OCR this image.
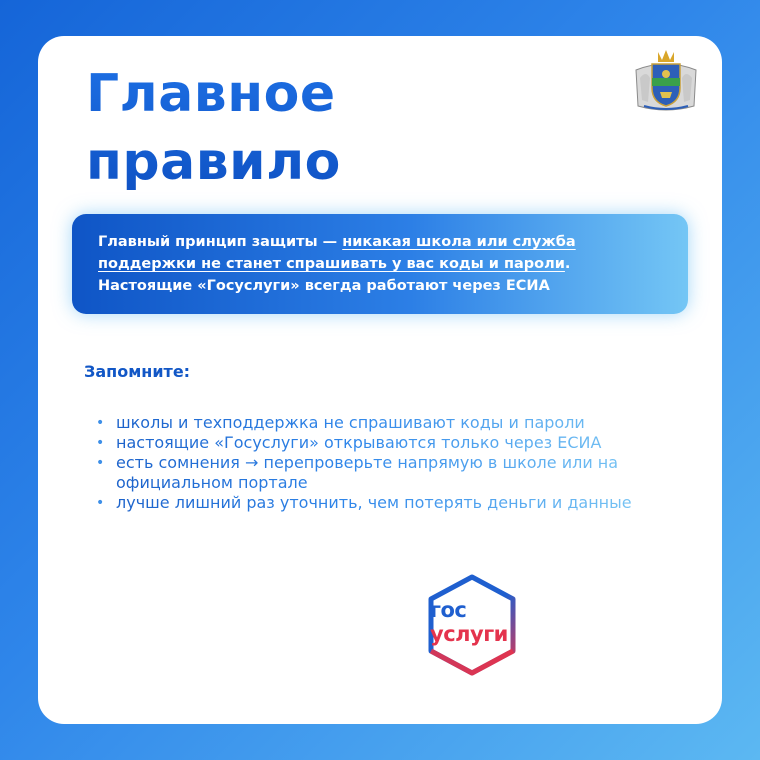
Главное
правило

Главный принцип защиты — никакая школа или служба поддержки не станет спрашивать у вас коды и пароли. Настоящие «Госуслуги» всегда работают через ЕСИА

Запомните:
• школы и техподдержка не спрашивают коды и пароли
• настоящие «Госуслуги» открываются только через ЕСИА
• есть сомнения → перепроверьте напрямую в школе или на официальном портале
• лучше лишний раз уточнить, чем потерять деньги и данные
гос
услуги
